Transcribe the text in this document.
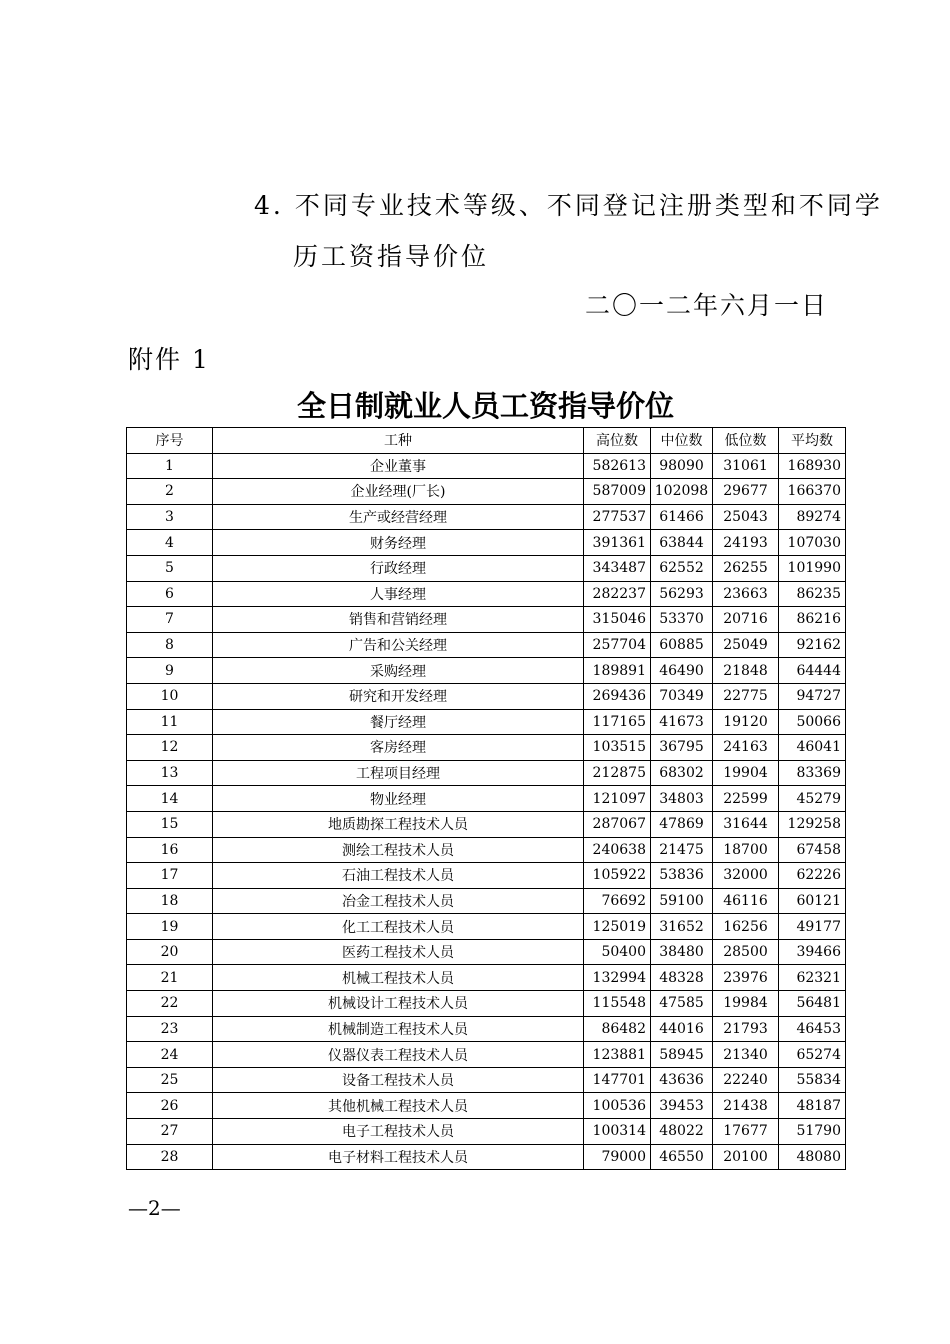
4. 不同专业技术等级、不同登记注册类型和不同学
历工资指导价位
二〇一二年六月一日
附件 1
全日制就业人员工资指导价位
序号	工种	高位数	中位数	低位数	平均数
1	企业董事	582613	98090	31061	168930
2	企业经理(厂长)	587009	102098	29677	166370
3	生产或经营经理	277537	61466	25043	89274
4	财务经理	391361	63844	24193	107030
5	行政经理	343487	62552	26255	101990
6	人事经理	282237	56293	23663	86235
7	销售和营销经理	315046	53370	20716	86216
8	广告和公关经理	257704	60885	25049	92162
9	采购经理	189891	46490	21848	64444
10	研究和开发经理	269436	70349	22775	94727
11	餐厅经理	117165	41673	19120	50066
12	客房经理	103515	36795	24163	46041
13	工程项目经理	212875	68302	19904	83369
14	物业经理	121097	34803	22599	45279
15	地质勘探工程技术人员	287067	47869	31644	129258
16	测绘工程技术人员	240638	21475	18700	67458
17	石油工程技术人员	105922	53836	32000	62226
18	冶金工程技术人员	76692	59100	46116	60121
19	化工工程技术人员	125019	31652	16256	49177
20	医药工程技术人员	50400	38480	28500	39466
21	机械工程技术人员	132994	48328	23976	62321
22	机械设计工程技术人员	115548	47585	19984	56481
23	机械制造工程技术人员	86482	44016	21793	46453
24	仪器仪表工程技术人员	123881	58945	21340	65274
25	设备工程技术人员	147701	43636	22240	55834
26	其他机械工程技术人员	100536	39453	21438	48187
27	电子工程技术人员	100314	48022	17677	51790
28	电子材料工程技术人员	79000	46550	20100	48080
—2—
